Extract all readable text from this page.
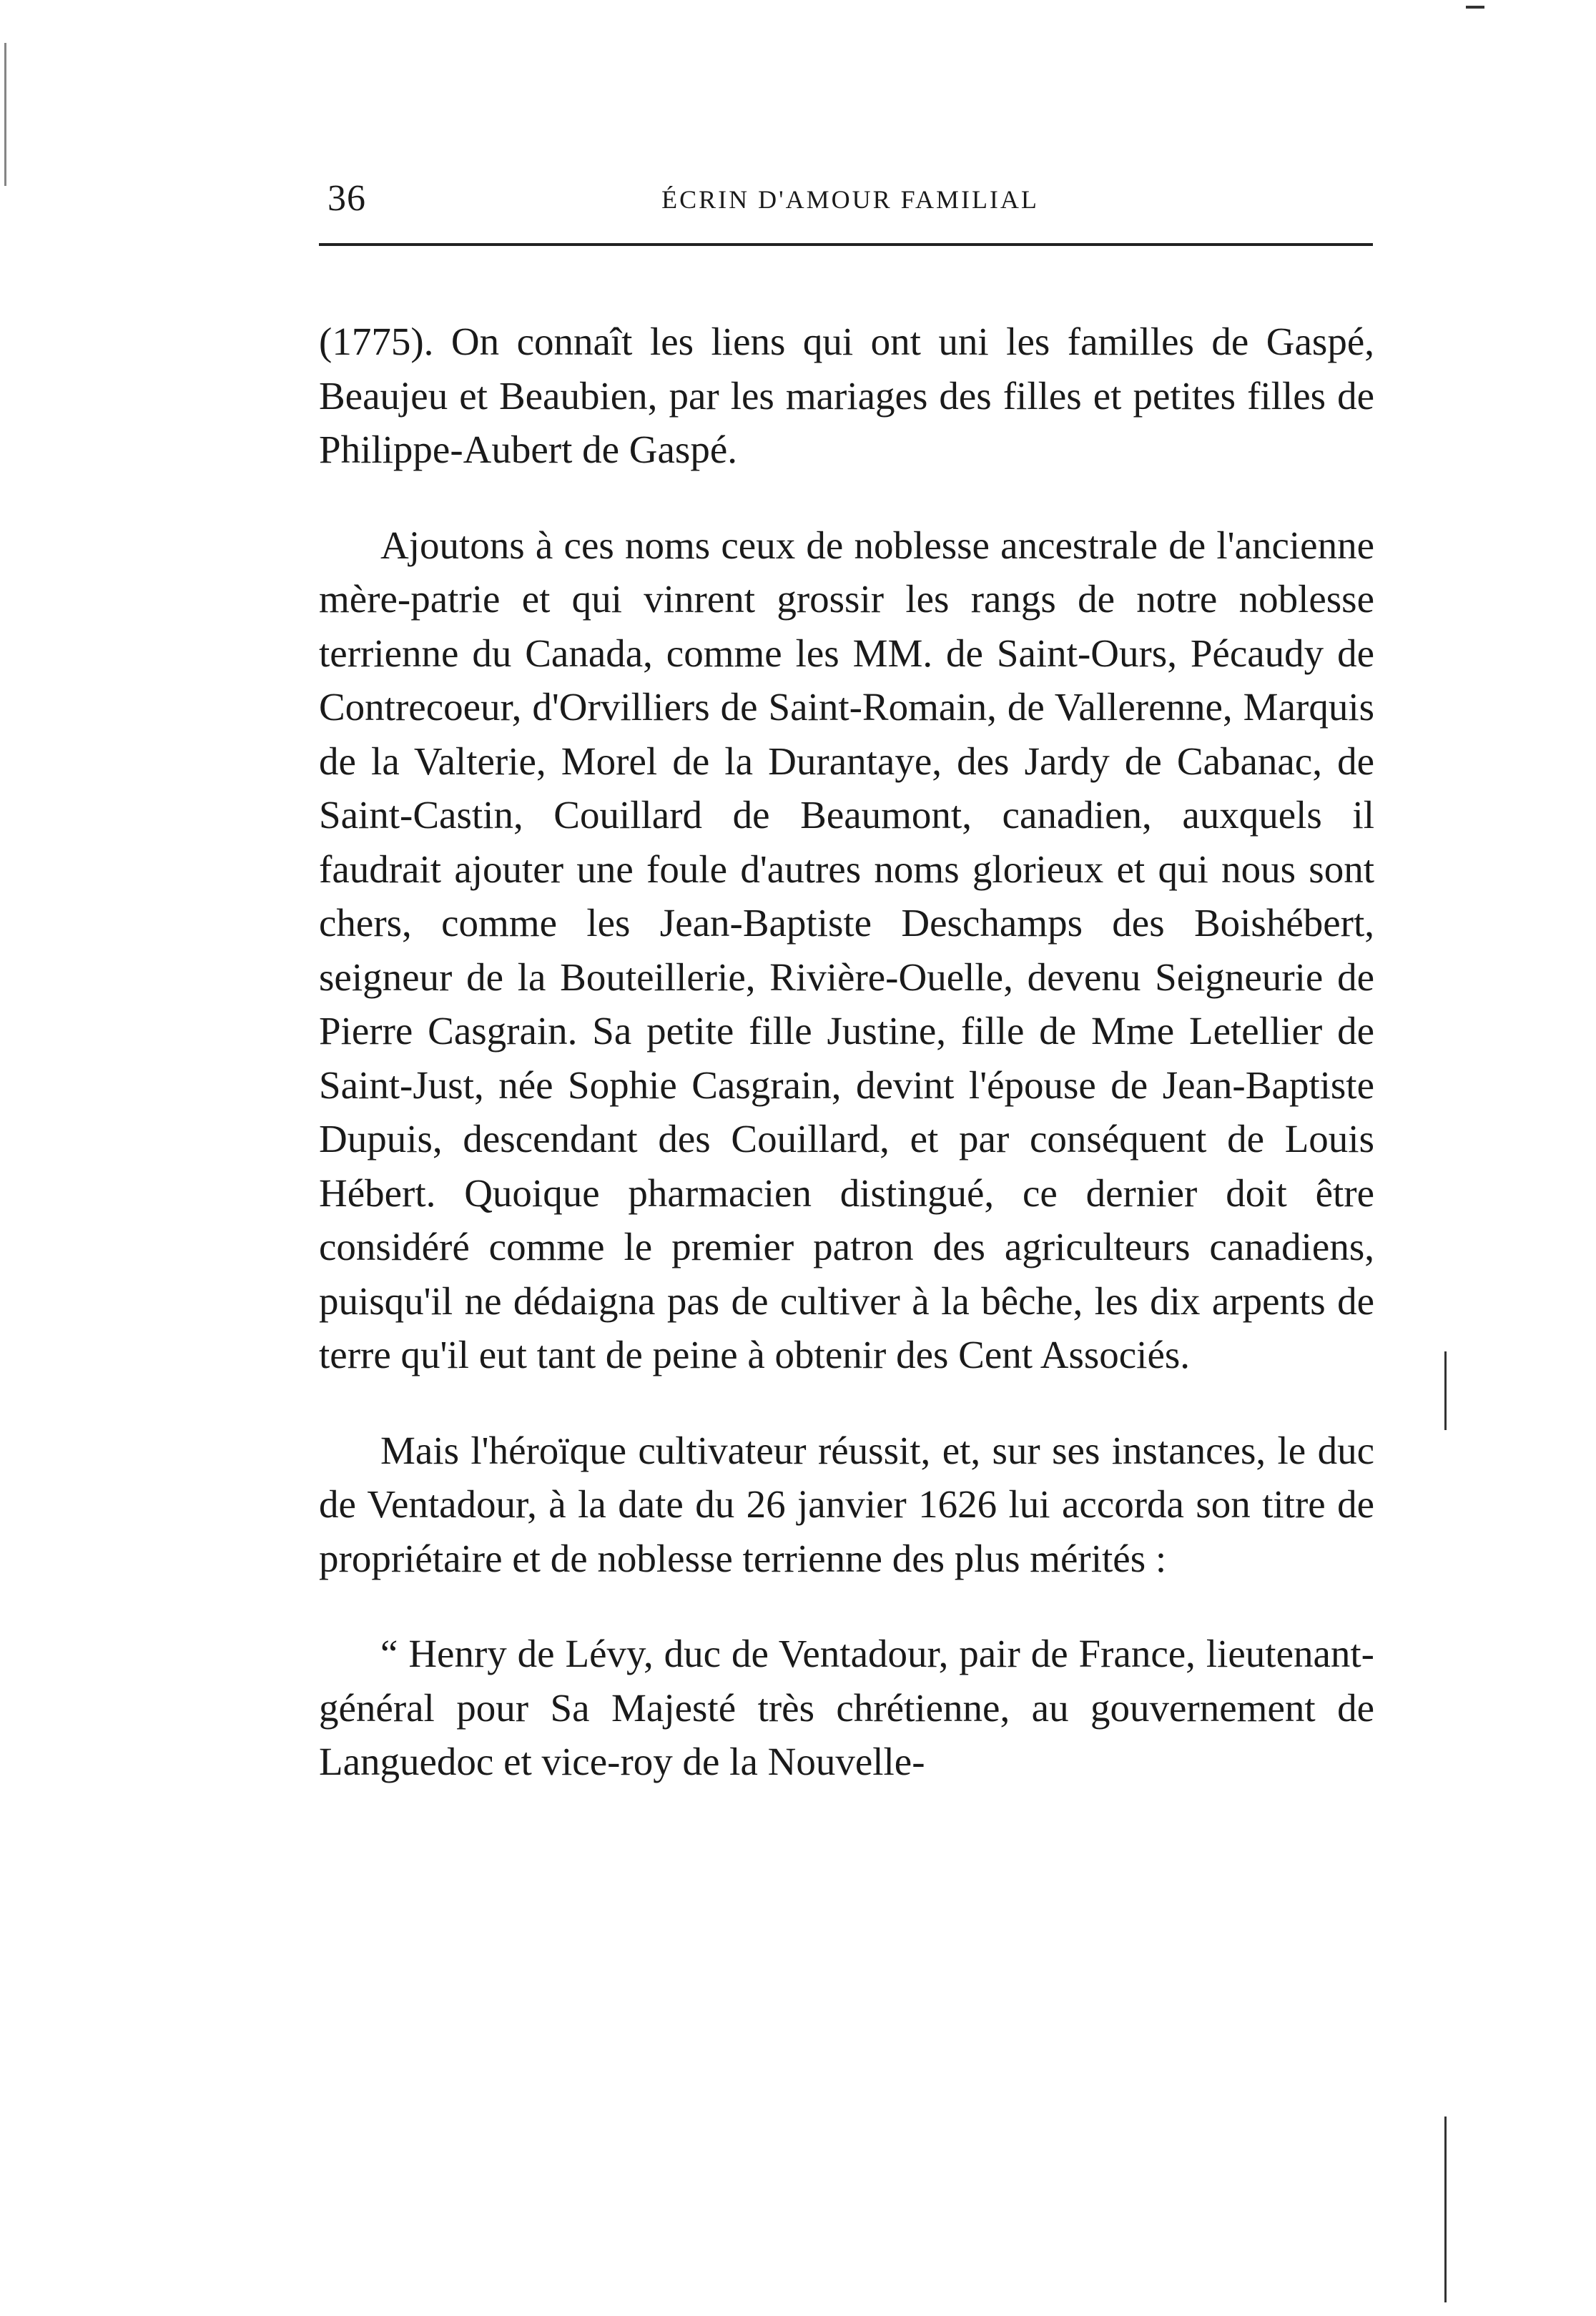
36	ÉCRIN D'AMOUR FAMILIAL

(1775). On connaît les liens qui ont uni les familles de Gaspé, Beaujeu et Beaubien, par les mariages des filles et petites filles de Philippe-Aubert de Gaspé.

Ajoutons à ces noms ceux de noblesse ancestrale de l'ancienne mère-patrie et qui vinrent grossir les rangs de notre noblesse terrienne du Canada, comme les MM. de Saint-Ours, Pécaudy de Contrecoeur, d'Orvilliers de Saint-Romain, de Vallerenne, Marquis de la Valterie, Morel de la Durantaye, des Jardy de Cabanac, de Saint-Castin, Couillard de Beaumont, canadien, auxquels il faudrait ajouter une foule d'autres noms glorieux et qui nous sont chers, comme les Jean-Baptiste Deschamps des Boishébert, seigneur de la Bouteillerie, Rivière-Ouelle, devenu Seigneurie de Pierre Casgrain. Sa petite fille Justine, fille de Mme Letellier de Saint-Just, née Sophie Casgrain, devint l'épouse de Jean-Baptiste Dupuis, descendant des Couillard, et par conséquent de Louis Hébert. Quoique pharmacien distingué, ce dernier doit être considéré comme le premier patron des agriculteurs canadiens, puisqu'il ne dédaigna pas de cultiver à la bêche, les dix arpents de terre qu'il eut tant de peine à obtenir des Cent Associés.

Mais l'héroïque cultivateur réussit, et, sur ses instances, le duc de Ventadour, à la date du 26 janvier 1626 lui accorda son titre de propriétaire et de noblesse terrienne des plus mérités :

“ Henry de Lévy, duc de Ventadour, pair de France, lieutenant-général pour Sa Majesté très chrétienne, au gouvernement de Languedoc et vice-roy de la Nouvelle-
